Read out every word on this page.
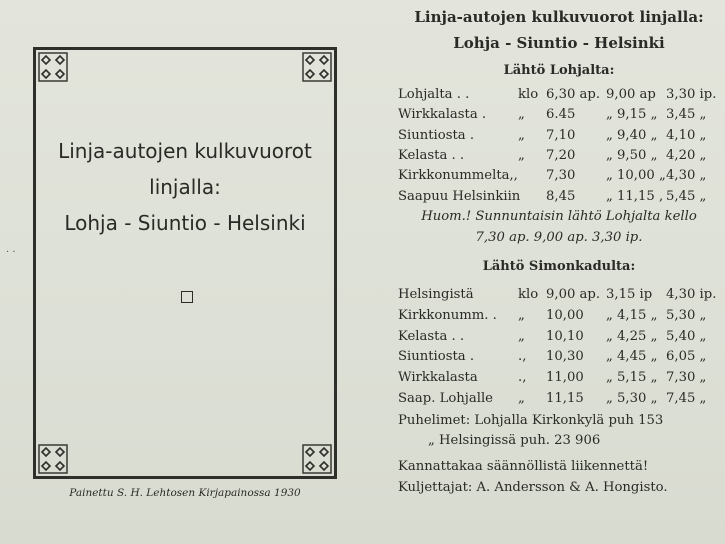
· ·
Linja-autojen kulkuvuorot
linjalla:
Lohja - Siuntio - Helsinki
Painettu S. H. Lehtosen Kirjapainossa 1930
Linja-autojen kulkuvuorot linjalla:
Lohja - Siuntio - Helsinki
Lähtö Lohjalta:
Lohjalta . .	klo 6,30 ap. 9,00 ap 3,30 ip.
Wirkkalasta . „ 6.45 „ 9,15 „ 3,45 „
Siuntiosta .	„ 7,10 „ 9,40 „ 4,10 „
Kelasta . .	„ 7,20 „ 9,50 „ 4,20 „
Kirkkonummelta,, 7,30 „ 10,00 „ 4,30 „
Saapuu Helsinkiin 8,45 „ 11,15 , 5,45 „
Huom.! Sunnuntaisin lähtö Lohjalta kello
7,30 ap. 9,00 ap. 3,30 ip.
Lähtö Simonkadulta:
Helsingistä	klo 9,00 ap. 3,15 ip 4,30 ip.
Kirkkonumm. . „ 10,00 „ 4,15 „ 5,30 „
Kelasta . .	„ 10,10 „ 4,25 „ 5,40 „
Siuntiosta .	., 10,30 „ 4,45 „ 6,05 „
Wirkkalasta	., 11,00 „ 5,15 „ 7,30 „
Saap. Lohjalle „ 11,15 „ 5,30 „ 7,45 „
Puhelimet: Lohjalla Kirkonkylä puh 153
„ Helsingissä puh. 23 906
Kannattakaa säännöllistä liikennettä!
Kuljettajat: A. Andersson & A. Hongisto.
